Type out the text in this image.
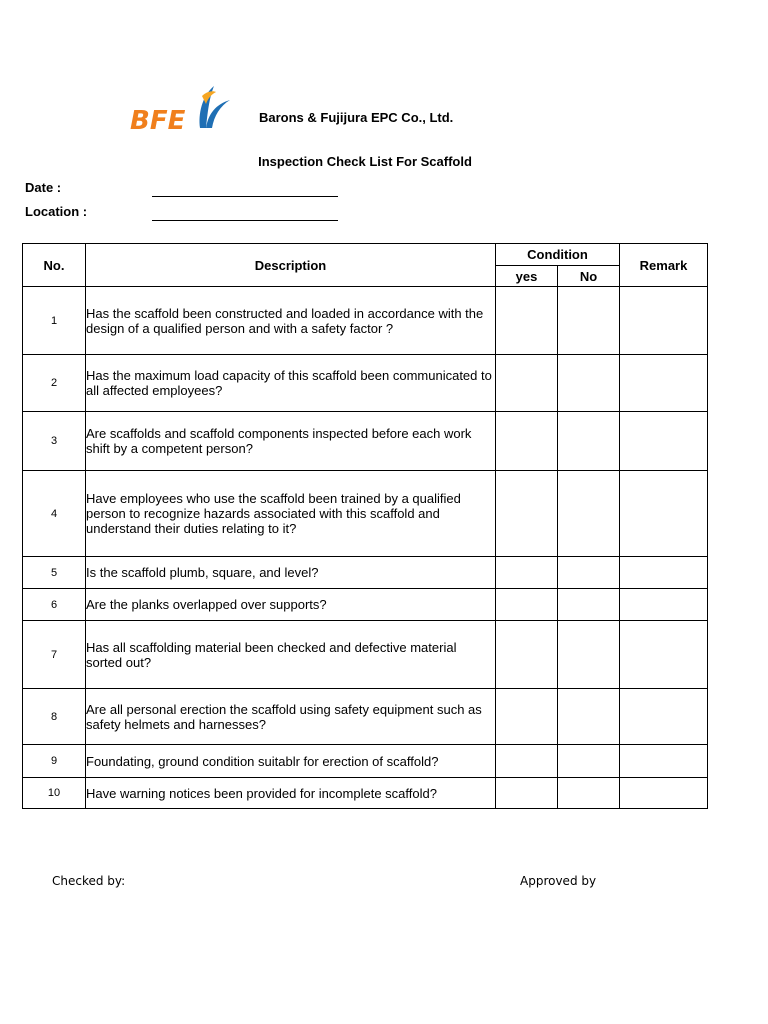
BFE	Barons & Fujijura EPC Co., Ltd.
Inspection Check List For Scaffold
Date :
Location :
No.	Description	Condition		Remark
		yes	No	
1	Has the scaffold been constructed and loaded in accordance with the design of a qualified person and with a safety factor ?			
2	Has the maximum load capacity of this scaffold been communicated to all affected employees?			
3	Are scaffolds and scaffold components inspected before each work shift by a competent person?			
4	Have employees who use the scaffold been trained by a qualified person to recognize hazards associated with this scaffold and understand their duties relating to it?			
5	Is the scaffold plumb, square, and level?			
6	Are the planks overlapped over supports?			
7	Has all scaffolding material been checked and defective material sorted out?			
8	Are all personal erection the scaffold using safety equipment such as safety helmets and harnesses?			
9	Foundating, ground condition suitablr for erection of scaffold?			
10	Have warning notices been provided for incomplete scaffold?			
Checked by:	Approved by
